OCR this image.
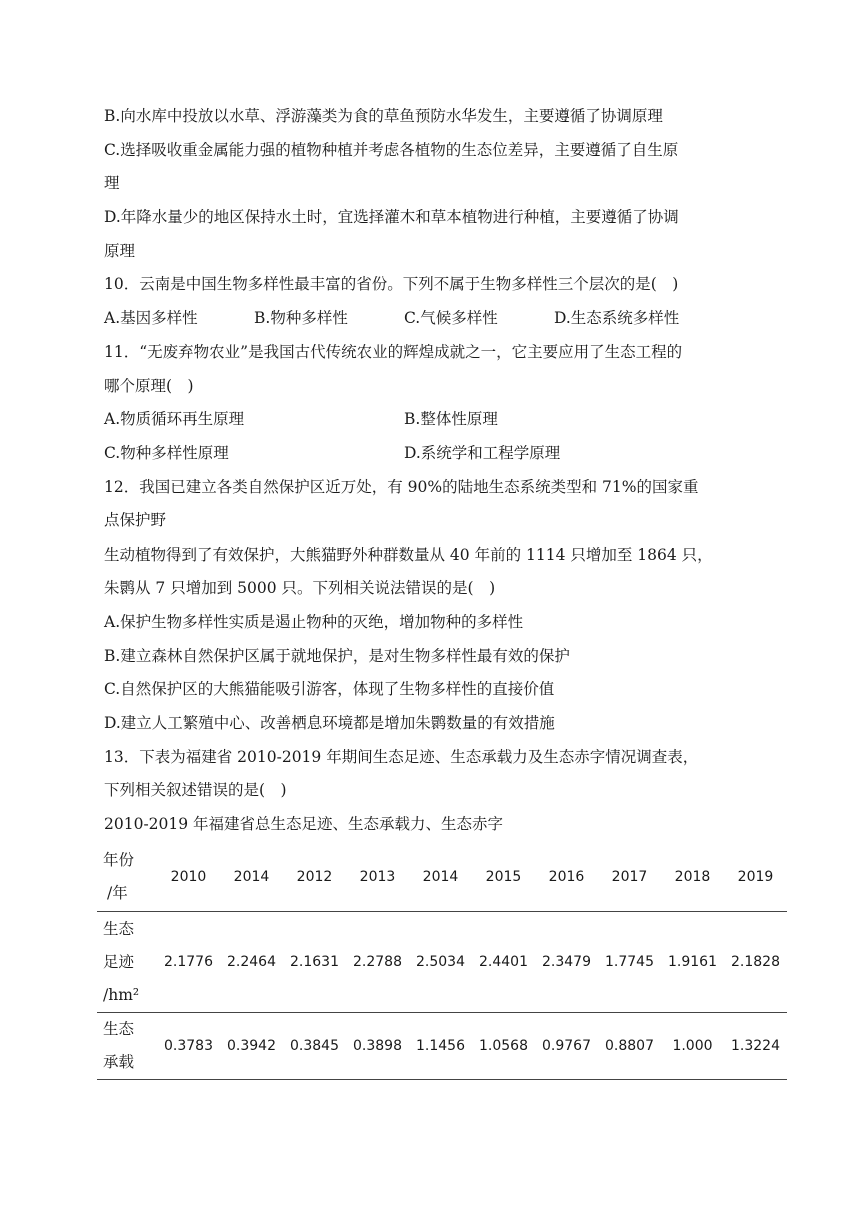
B.向水库中投放以水草、浮游藻类为食的草鱼预防水华发生，主要遵循了协调原理
C.选择吸收重金属能力强的植物种植并考虑各植物的生态位差异，主要遵循了自生原
理
D.年降水量少的地区保持水土时，宜选择灌木和草本植物进行种植，主要遵循了协调
原理
10．云南是中国生物多样性最丰富的省份。下列不属于生物多样性三个层次的是(　)
A.基因多样性	B.物种多样性	C.气候多样性	D.生态系统多样性
11．“无废弃物农业”是我国古代传统农业的辉煌成就之一，它主要应用了生态工程的
哪个原理(　)
A.物质循环再生原理	B.整体性原理
C.物种多样性原理	D.系统学和工程学原理
12．我国已建立各类自然保护区近万处，有 90%的陆地生态系统类型和 71%的国家重
点保护野
生动植物得到了有效保护，大熊猫野外种群数量从 40 年前的 1114 只增加至 1864 只，
朱鹮从 7 只增加到 5000 只。下列相关说法错误的是(　)
A.保护生物多样性实质是遏止物种的灭绝，增加物种的多样性
B.建立森林自然保护区属于就地保护，是对生物多样性最有效的保护
C.自然保护区的大熊猫能吸引游客，体现了生物多样性的直接价值
D.建立人工繁殖中心、改善栖息环境都是增加朱鹮数量的有效措施
13．下表为福建省 2010-2019 年期间生态足迹、生态承载力及生态赤字情况调查表，
下列相关叙述错误的是(　)
2010-2019 年福建省总生态足迹、生态承载力、生态赤字
年份
/年	2010	2014	2012	2013	2014	2015	2016	2017	2018	2019

生态
足迹
/hm²	2.1776	2.2464	2.1631	2.2788	2.5034	2.4401	2.3479	1.7745	1.9161	2.1828

生态
承载	0.3783	0.3942	0.3845	0.3898	1.1456	1.0568	0.9767	0.8807	1.000	1.3224
